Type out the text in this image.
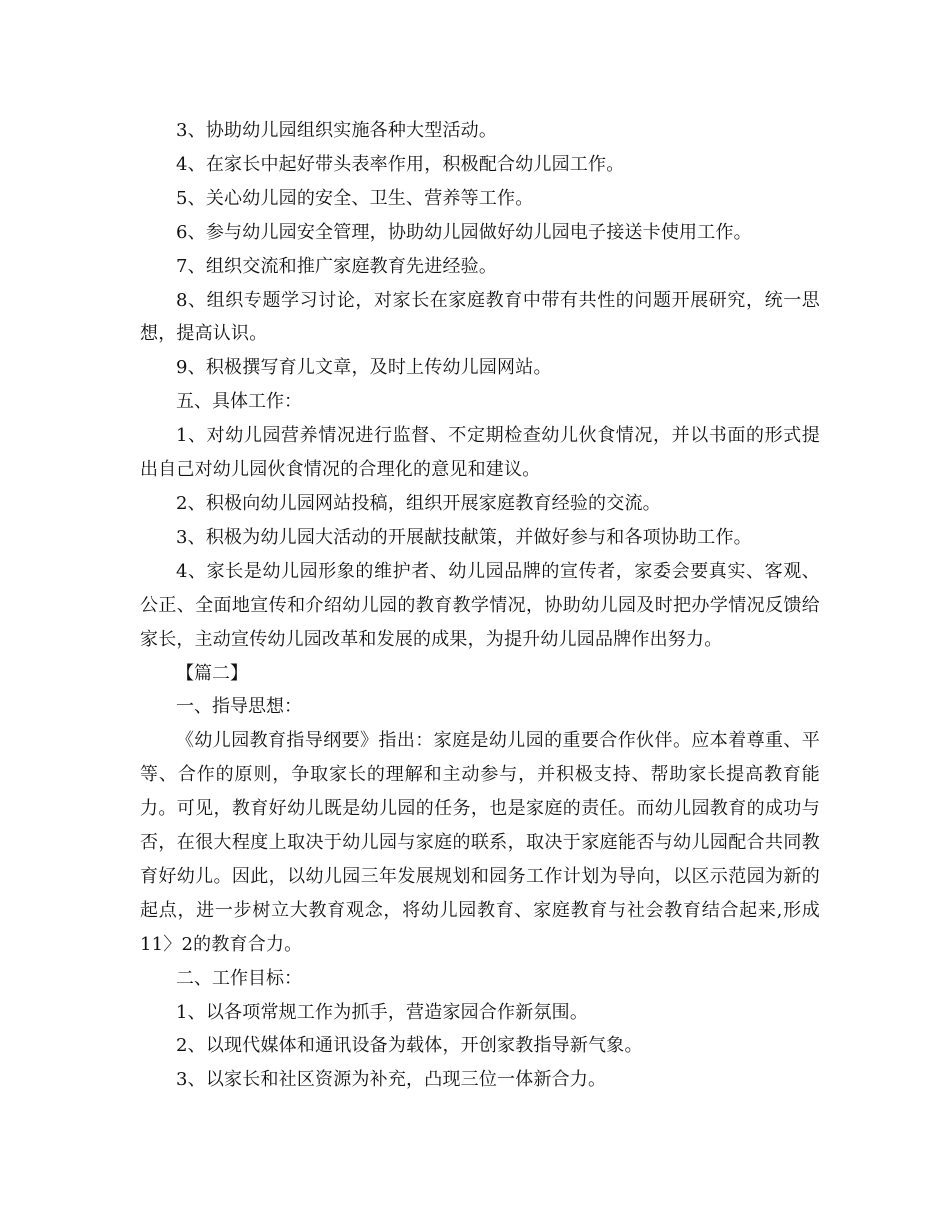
3、协助幼儿园组织实施各种大型活动。

4、在家长中起好带头表率作用，积极配合幼儿园工作。

5、关心幼儿园的安全、卫生、营养等工作。

6、参与幼儿园安全管理，协助幼儿园做好幼儿园电子接送卡使用工作。

7、组织交流和推广家庭教育先进经验。

8、组织专题学习讨论，对家长在家庭教育中带有共性的问题开展研究，统一思想，提高认识。

9、积极撰写育儿文章，及时上传幼儿园网站。

五、具体工作：

1、对幼儿园营养情况进行监督、不定期检查幼儿伙食情况，并以书面的形式提出自己对幼儿园伙食情况的合理化的意见和建议。

2、积极向幼儿园网站投稿，组织开展家庭教育经验的交流。

3、积极为幼儿园大活动的开展献技献策，并做好参与和各项协助工作。

4、家长是幼儿园形象的维护者、幼儿园品牌的宣传者，家委会要真实、客观、公正、全面地宣传和介绍幼儿园的教育教学情况，协助幼儿园及时把办学情况反馈给家长，主动宣传幼儿园改革和发展的成果，为提升幼儿园品牌作出努力。

【篇二】

一、指导思想：

《幼儿园教育指导纲要》指出：家庭是幼儿园的重要合作伙伴。应本着尊重、平等、合作的原则，争取家长的理解和主动参与，并积极支持、帮助家长提高教育能力。可见，教育好幼儿既是幼儿园的任务，也是家庭的责任。而幼儿园教育的成功与否，在很大程度上取决于幼儿园与家庭的联系，取决于家庭能否与幼儿园配合共同教育好幼儿。因此，以幼儿园三年发展规划和园务工作计划为导向，以区示范园为新的起点，进一步树立大教育观念，将幼儿园教育、家庭教育与社会教育结合起来,形成11〉2的教育合力。

二、工作目标：

1、以各项常规工作为抓手，营造家园合作新氛围。

2、以现代媒体和通讯设备为载体，开创家教指导新气象。

3、以家长和社区资源为补充，凸现三位一体新合力。
